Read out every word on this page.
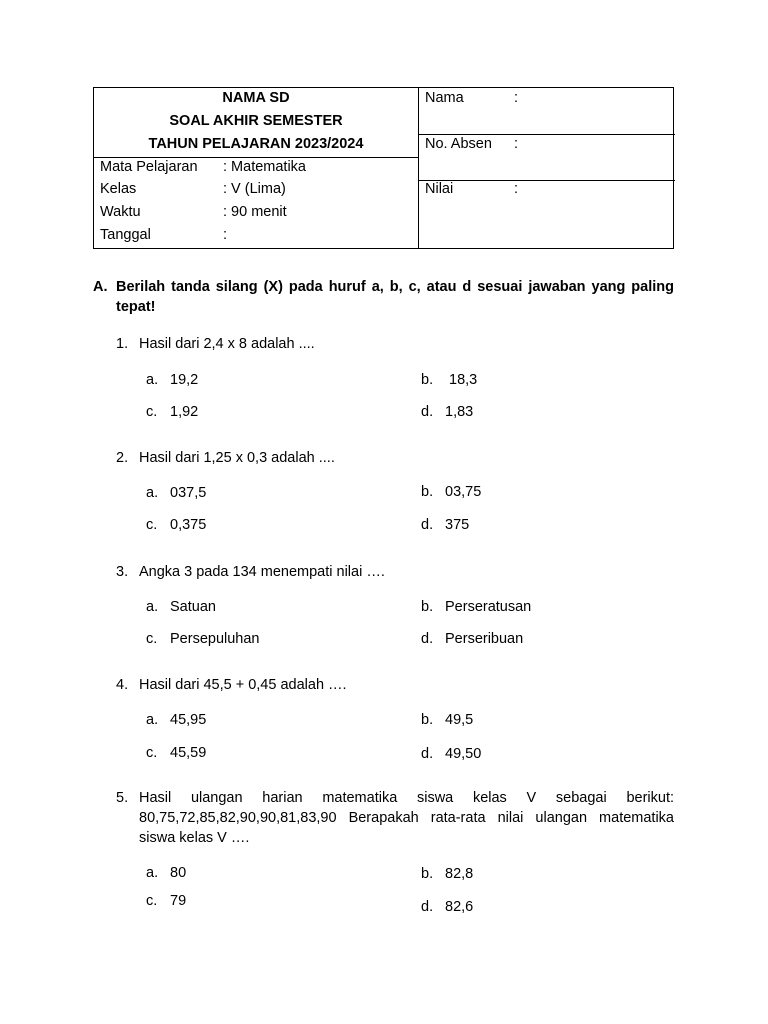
NAMA SD
SOAL AKHIR SEMESTER
TAHUN PELAJARAN 2023/2024
Mata Pelajaran : Matematika
Kelas	: V (Lima)
Waktu	: 90 menit
Tanggal	:
Nama	:
No. Absen :
Nilai	:
A. Berilah tanda silang (X) pada huruf a, b, c, atau d sesuai jawaban yang paling tepat!
1. Hasil dari 2,4 x 8 adalah ....
a. 19,2	b. 18,3
c. 1,92	d. 1,83
2. Hasil dari 1,25 x 0,3 adalah ....
a. 037,5	b. 03,75
c. 0,375	d. 375
3. Angka 3 pada 134 menempati nilai ….
a. Satuan	b. Perseratusan
c. Persepuluhan	d. Perseribuan
4. Hasil dari 45,5 + 0,45 adalah ….
a. 45,95	b. 49,5
c. 45,59	d. 49,50
5. Hasil ulangan harian matematika siswa kelas V sebagai berikut: 80,75,72,85,82,90,90,81,83,90 Berapakah rata-rata nilai ulangan matematika siswa kelas V ….
a. 80	b. 82,8
c. 79	d. 82,6
